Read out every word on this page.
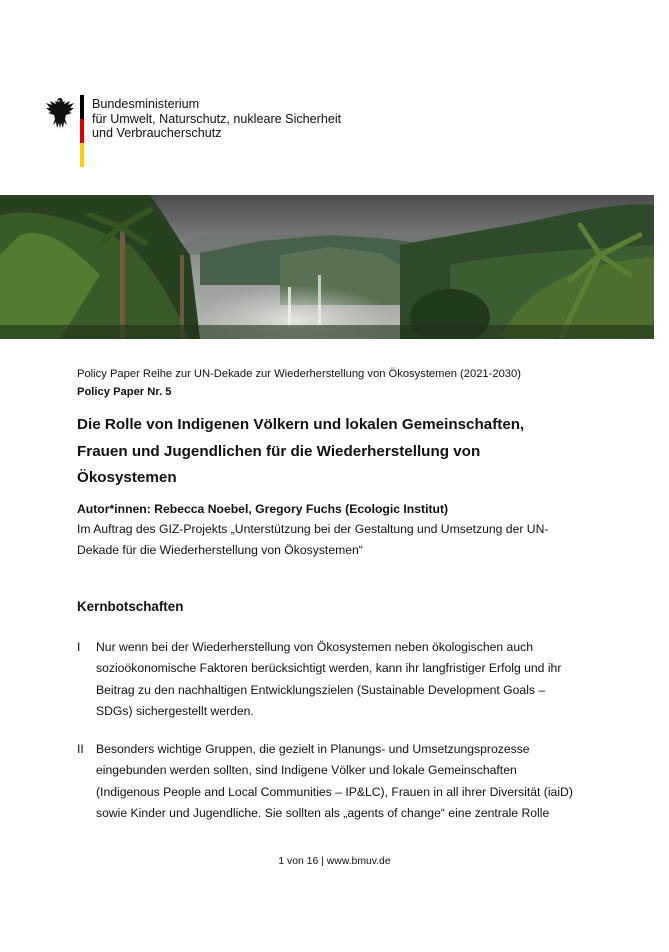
Bundesministerium
für Umwelt, Naturschutz, nukleare Sicherheit
und Verbraucherschutz
Policy Paper Reihe zur UN-Dekade zur Wiederherstellung von Ökosystemen (2021-2030)
Policy Paper Nr. 5
Die Rolle von Indigenen Völkern und lokalen Gemeinschaften,
Frauen und Jugendlichen für die Wiederherstellung von
Ökosystemen
Autor*innen: Rebecca Noebel, Gregory Fuchs (Ecologic Institut)
Im Auftrag des GIZ-Projekts „Unterstützung bei der Gestaltung und Umsetzung der UN-
Dekade für die Wiederherstellung von Ökosystemen“
Kernbotschaften
I Nur wenn bei der Wiederherstellung von Ökosystemen neben ökologischen auch
sozioökonomische Faktoren berücksichtigt werden, kann ihr langfristiger Erfolg und ihr
Beitrag zu den nachhaltigen Entwicklungszielen (Sustainable Development Goals –
SDGs) sichergestellt werden.
II Besonders wichtige Gruppen, die gezielt in Planungs- und Umsetzungsprozesse
eingebunden werden sollten, sind Indigene Völker und lokale Gemeinschaften
(Indigenous People and Local Communities – IP&LC), Frauen in all ihrer Diversität (iaiD)
sowie Kinder und Jugendliche. Sie sollten als „agents of change“ eine zentrale Rolle
1 von 16 | www.bmuv.de
